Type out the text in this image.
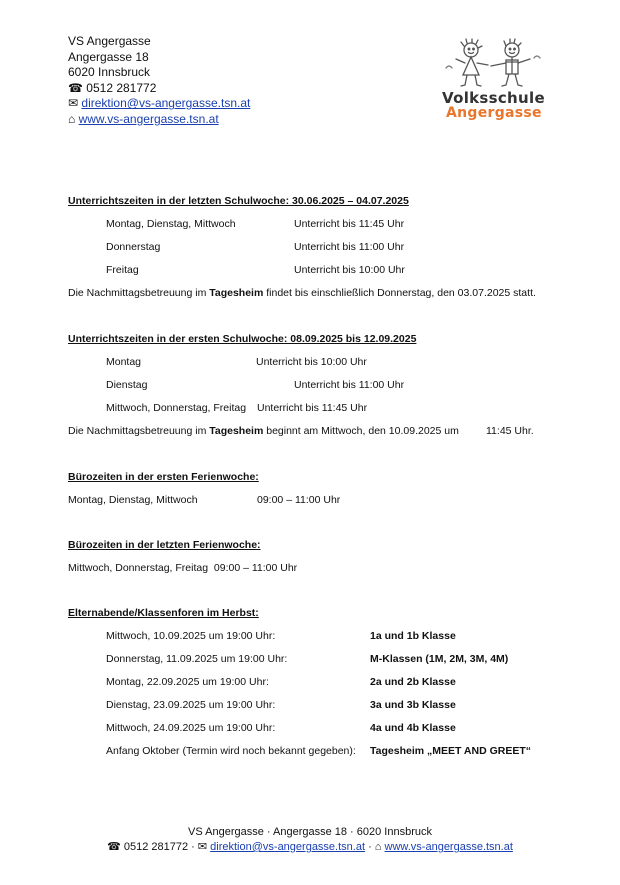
VS Angergasse
Angergasse 18
6020 Innsbruck
☎ 0512 281772
✉ direktion@vs-angergasse.tsn.at
⌂ www.vs-angergasse.tsn.at
Volksschule
Angergasse
Unterrichtszeiten in der letzten Schulwoche: 30.06.2025 – 04.07.2025
Montag, Dienstag, Mittwoch	Unterricht bis 11:45 Uhr
Donnerstag	Unterricht bis 11:00 Uhr
Freitag	Unterricht bis 10:00 Uhr
Die Nachmittagsbetreuung im Tagesheim findet bis einschließlich Donnerstag, den 03.07.2025 statt.
Unterrichtszeiten in der ersten Schulwoche: 08.09.2025 bis 12.09.2025
Montag	Unterricht bis 10:00 Uhr
Dienstag	Unterricht bis 11:00 Uhr
Mittwoch, Donnerstag, Freitag Unterricht bis 11:45 Uhr
Die Nachmittagsbetreuung im Tagesheim beginnt am Mittwoch, den 10.09.2025 um	11:45 Uhr.
Bürozeiten in der ersten Ferienwoche:
Montag, Dienstag, Mittwoch	09:00 – 11:00 Uhr
Bürozeiten in der letzten Ferienwoche:
Mittwoch, Donnerstag, Freitag  09:00 – 11:00 Uhr
Elternabende/Klassenforen im Herbst:
Mittwoch, 10.09.2025 um 19:00 Uhr:	1a und 1b Klasse
Donnerstag, 11.09.2025 um 19:00 Uhr:	M-Klassen (1M, 2M, 3M, 4M)
Montag, 22.09.2025 um 19:00 Uhr:	2a und 2b Klasse
Dienstag, 23.09.2025 um 19:00 Uhr:	3a und 3b Klasse
Mittwoch, 24.09.2025 um 19:00 Uhr:	4a und 4b Klasse
Anfang Oktober (Termin wird noch bekannt gegeben): Tagesheim „MEET AND GREET“
VS Angergasse · Angergasse 18 · 6020 Innsbruck
☎ 0512 281772 · ✉ direktion@vs-angergasse.tsn.at · ⌂ www.vs-angergasse.tsn.at
